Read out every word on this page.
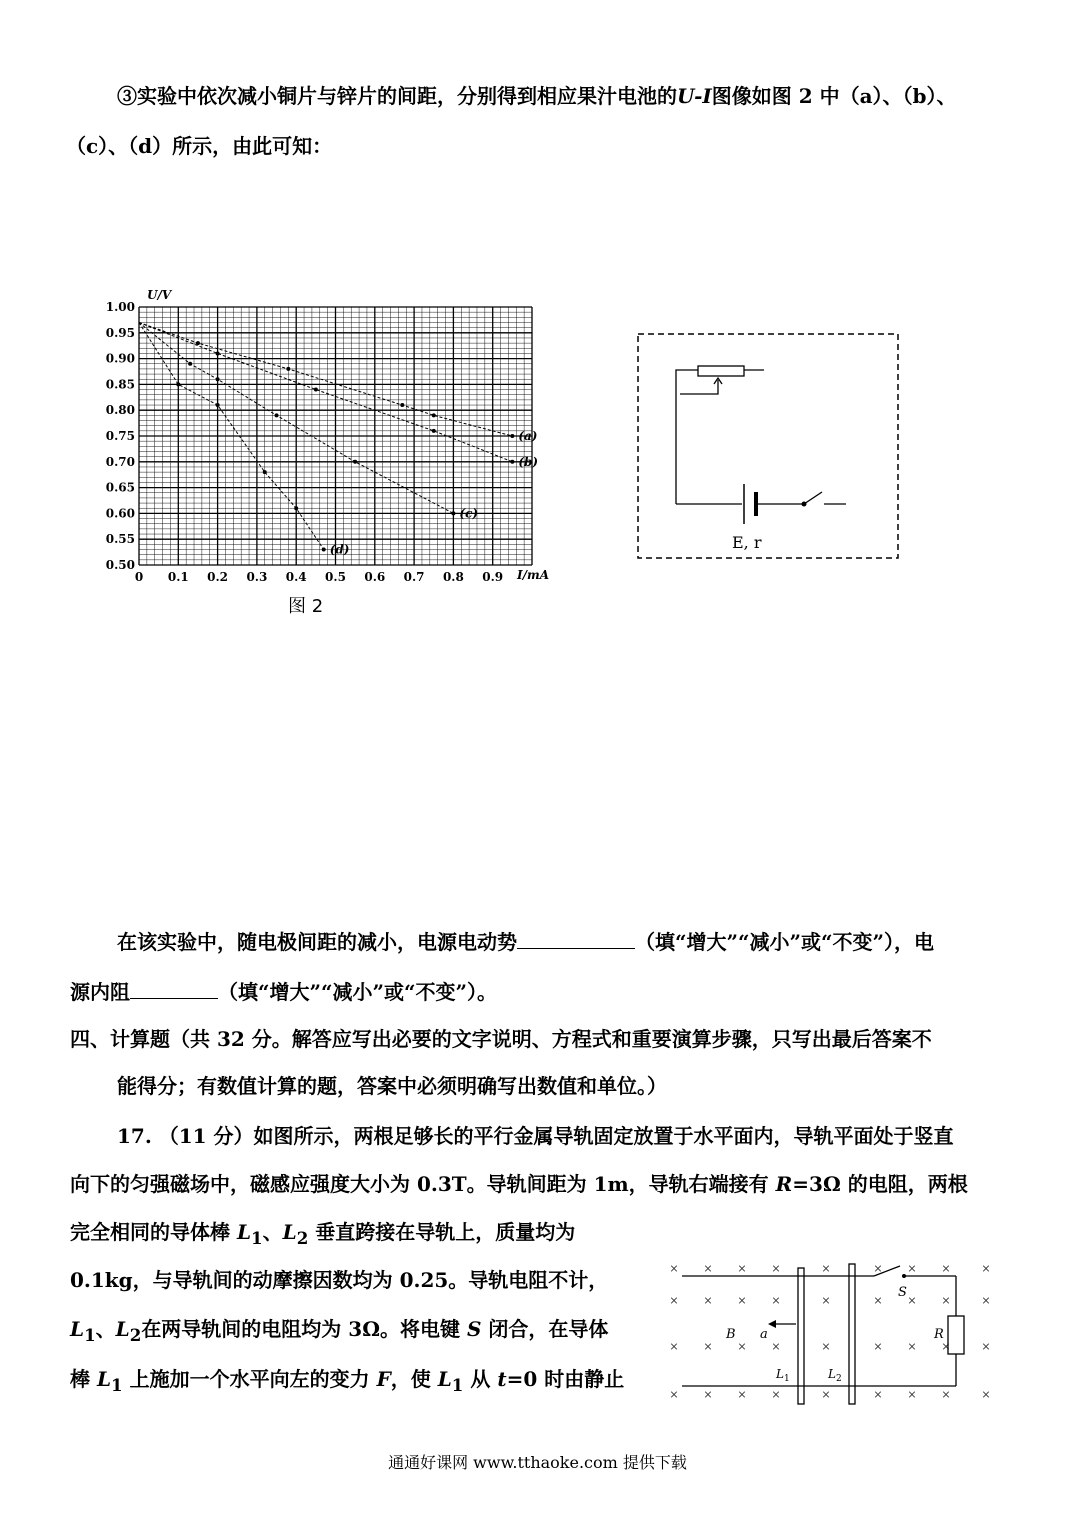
③实验中依次减小铜片与锌片的间距，分别得到相应果汁电池的U-I图像如图 2 中（a）、（b）、
（c）、（d）所示，由此可知：
0.50
0.55
0.60
0.65
0.70
0.75
0.80
0.85
0.90
0.95
1.00
0 0.1 0.2 0.3 0.4 0.5 0.6 0.7 0.8 0.9
(a)
(b)
(c)
(d)
U/V
I/mA
图 2
E, r
在该实验中，随电极间距的减小，电源电动势	（填“增大”“减小”或“不变”），电
源内阻	（填“增大”“减小”或“不变”）。
四、计算题（共 32 分。解答应写出必要的文字说明、方程式和重要演算步骤，只写出最后答案不
能得分；有数值计算的题，答案中必须明确写出数值和单位。）
17. （11 分）如图所示，两根足够长的平行金属导轨固定放置于水平面内，导轨平面处于竖直
向下的匀强磁场中，磁感应强度大小为 0.3T。导轨间距为 1m，导轨右端接有 R=3Ω 的电阻，两根
完全相同的导体棒 $L_1$、$L_2$ 垂直跨接在导轨上，质量均为
0.1kg，与导轨间的动摩擦因数均为 0.25。导轨电阻不计，
$L_1$、$L_2$在两导轨间的电阻均为 3Ω。将电键 S 闭合，在导体
棒 $L_1$ 上施加一个水平向左的变力 F，使 $L_1$ 从 t=0 时由静止
× × × ×	×	× × ×	×
× × × ×	×	× × ×	×
× × × ×	×	× × ×	×
× × × ×	×	× × ×	×
S
R
B a
$L_1$	$L_2$
通通好课网 www.tthaoke.com 提供下载
